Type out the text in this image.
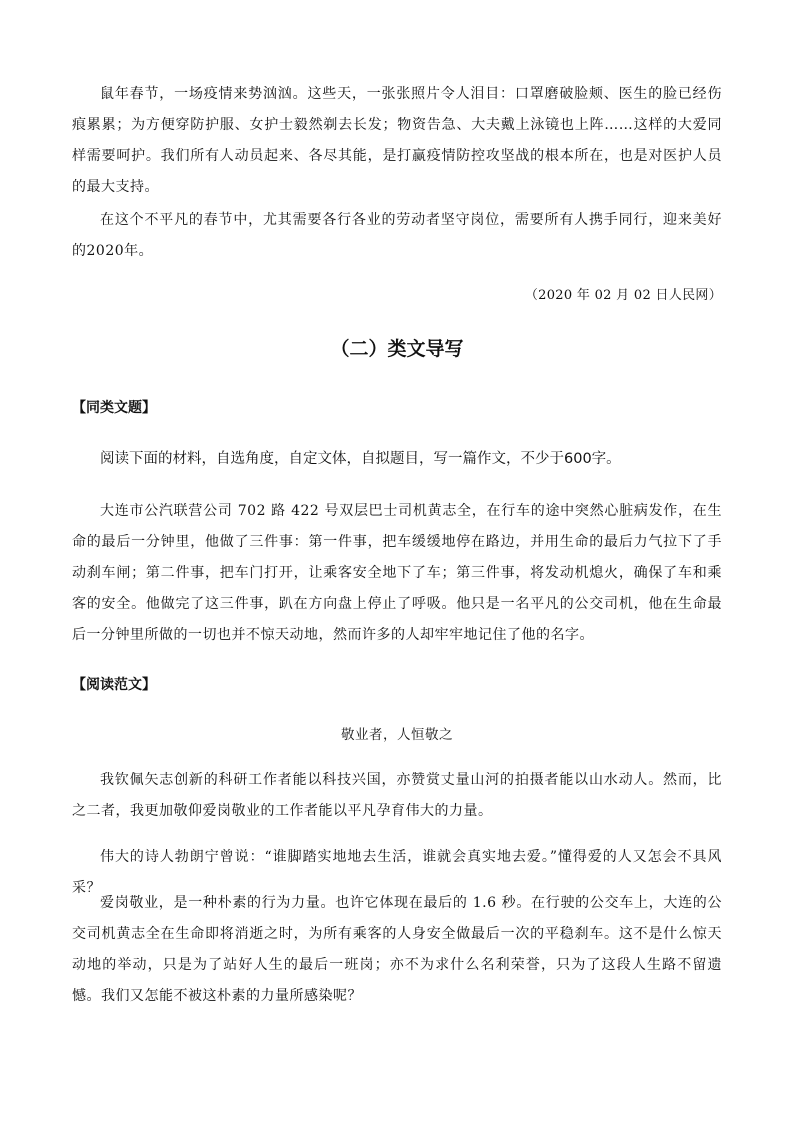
鼠年春节，一场疫情来势汹汹。这些天，一张张照片令人泪目：口罩磨破脸颊、医生的脸已经伤痕累累；为方便穿防护服、女护士毅然剃去长发；物资告急、大夫戴上泳镜也上阵……这样的大爱同样需要呵护。我们所有人动员起来、各尽其能，是打赢疫情防控攻坚战的根本所在，也是对医护人员的最大支持。

在这个不平凡的春节中，尤其需要各行各业的劳动者坚守岗位，需要所有人携手同行，迎来美好的2020年。

（2020 年 02 月 02 日人民网）
（二）类文导写
【同类文题】

阅读下面的材料，自选角度，自定文体，自拟题目，写一篇作文，不少于600字。

大连市公汽联营公司 702 路 422 号双层巴士司机黄志全，在行车的途中突然心脏病发作，在生命的最后一分钟里，他做了三件事：第一件事，把车缓缓地停在路边，并用生命的最后力气拉下了手动刹车闸；第二件事，把车门打开，让乘客安全地下了车；第三件事，将发动机熄火，确保了车和乘客的安全。他做完了这三件事，趴在方向盘上停止了呼吸。他只是一名平凡的公交司机，他在生命最后一分钟里所做的一切也并不惊天动地，然而许多的人却牢牢地记住了他的名字。

【阅读范文】
敬业者，人恒敬之

我钦佩矢志创新的科研工作者能以科技兴国，亦赞赏丈量山河的拍摄者能以山水动人。然而，比之二者，我更加敬仰爱岗敬业的工作者能以平凡孕育伟大的力量。

伟大的诗人勃朗宁曾说：“谁脚踏实地地去生活，谁就会真实地去爱。”懂得爱的人又怎会不具风采？

爱岗敬业，是一种朴素的行为力量。也许它体现在最后的 1.6 秒。在行驶的公交车上，大连的公交司机黄志全在生命即将消逝之时，为所有乘客的人身安全做最后一次的平稳刹车。这不是什么惊天动地的举动，只是为了站好人生的最后一班岗；亦不为求什么名利荣誉，只为了这段人生路不留遗憾。我们又怎能不被这朴素的力量所感染呢？
